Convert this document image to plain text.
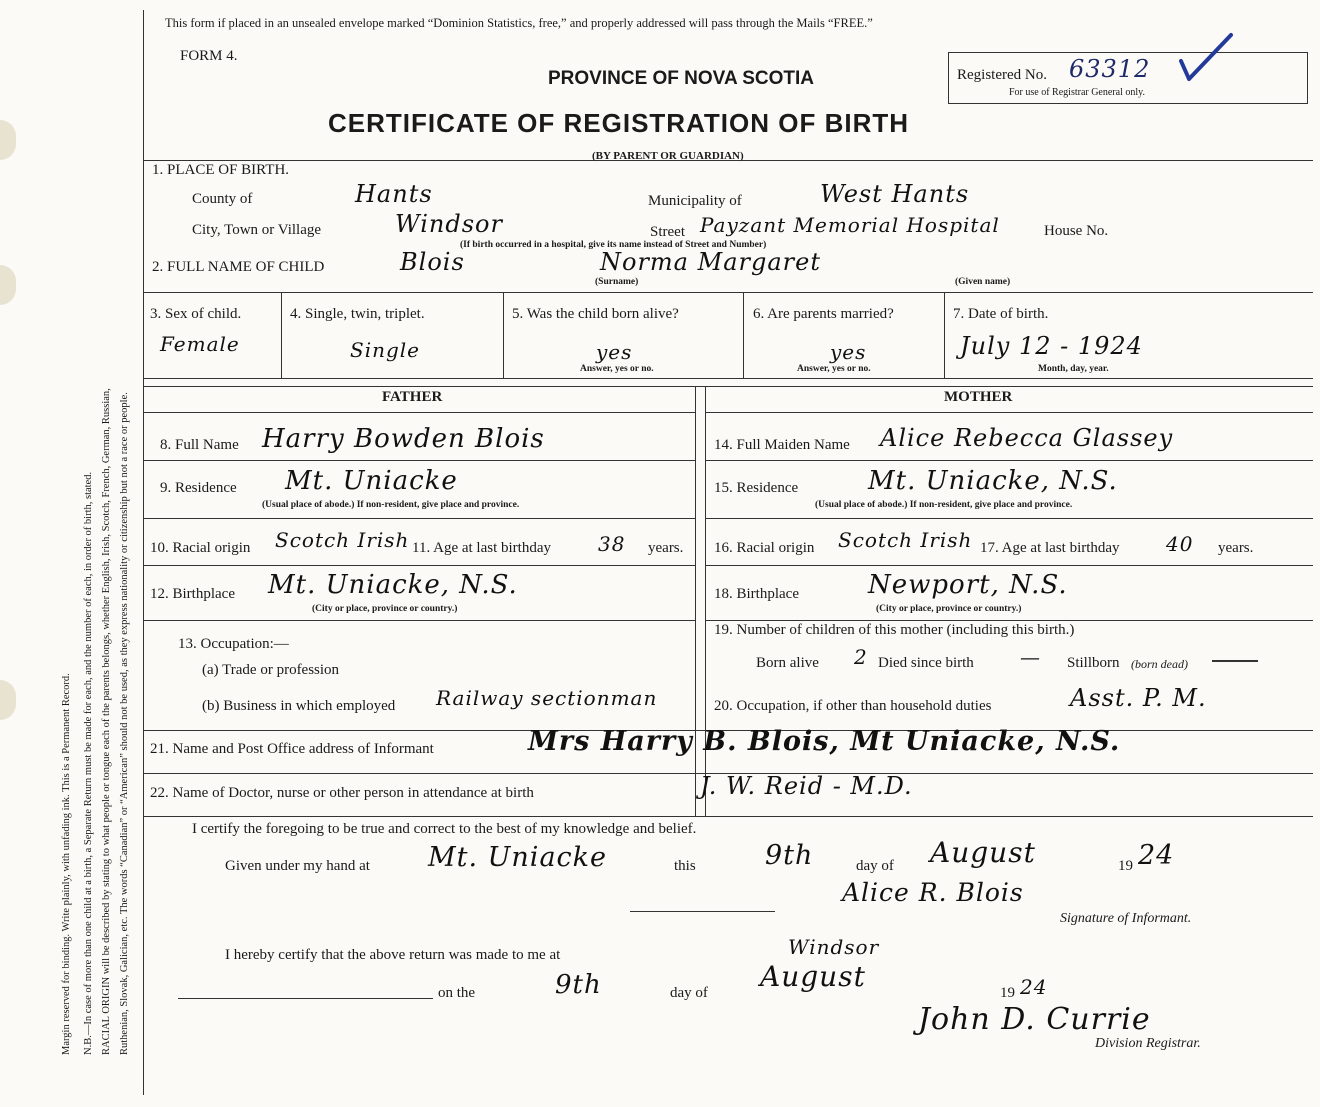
Margin reserved for binding. Write plainly, with unfading ink. This is a Permanent Record. N.B.—In case of more than one child at a birth, a Separate Return must be made for each, and the number of each, in order of birth, stated. RACIAL ORIGIN will be described by stating to what people or tongue each of the parents belongs, whether English, Irish, Scotch, French, German, Russian, Ruthenian, Slovak, Galician, etc. The words “Canadian” or “American” should not be used, as they express nationality or citizenship but not a race or people.
This form if placed in an unsealed envelope marked “Dominion Statistics, free,” and properly addressed will pass through the Mails “FREE.”
FORM 4.
PROVINCE OF NOVA SCOTIA
CERTIFICATE OF REGISTRATION OF BIRTH
(BY PARENT OR GUARDIAN)
Registered No. 63312
For use of Registrar General only.
1. PLACE OF BIRTH.
County of	Hants	Municipality of	West Hants
City, Town or Village	Windsor	Street Payzant Memorial Hospital	House No.
(If birth occurred in a hospital, give its name instead of Street and Number)
2. FULL NAME OF CHILD	Blois	Norma Margaret
(Surname)	(Given name)
3. Sex of child.
Female
4. Single, twin, triplet.
Single
5. Was the child born alive?
yes
Answer, yes or no.
6. Are parents married?
yes
Answer, yes or no.
7. Date of birth.
July 12 - 1924
Month, day, year.
FATHER	MOTHER
8. Full Name Harry Bowden Blois
9. Residence Mt. Uniacke
(Usual place of abode.) If non-resident, give place and province.
10. Racial origin Scotch Irish 11. Age at last birthday 38 years.
12. Birthplace Mt. Uniacke, N.S.
(City or place, province or country.)
13. Occupation:—
(a) Trade or profession
(b) Business in which employed Railway sectionman
14. Full Maiden Name Alice Rebecca Glassey
15. Residence	Mt. Uniacke, N.S.
(Usual place of abode.) If non-resident, give place and province.
16. Racial origin Scotch Irish 17. Age at last birthday 40 years.
18. Birthplace	Newport, N.S.
(City or place, province or country.)
19. Number of children of this mother (including this birth.)
Born alive 2 Died since birth — Stillborn (born dead)
20. Occupation, if other than household duties	Asst. P. M.
21. Name and Post Office address of Informant	Mrs Harry B. Blois, Mt Uniacke, N.S.
22. Name of Doctor, nurse or other person in attendance at birth	J. W. Reid - M.D.
I certify the foregoing to be true and correct to the best of my knowledge and belief.
Given under my hand at Mt. Uniacke	this	9th	day of August	19 24
Alice R. Blois
Signature of Informant.
I hereby certify that the above return was made to me at	Windsor
on the	9th	day of August	19 24
John D. Currie
Division Registrar.
